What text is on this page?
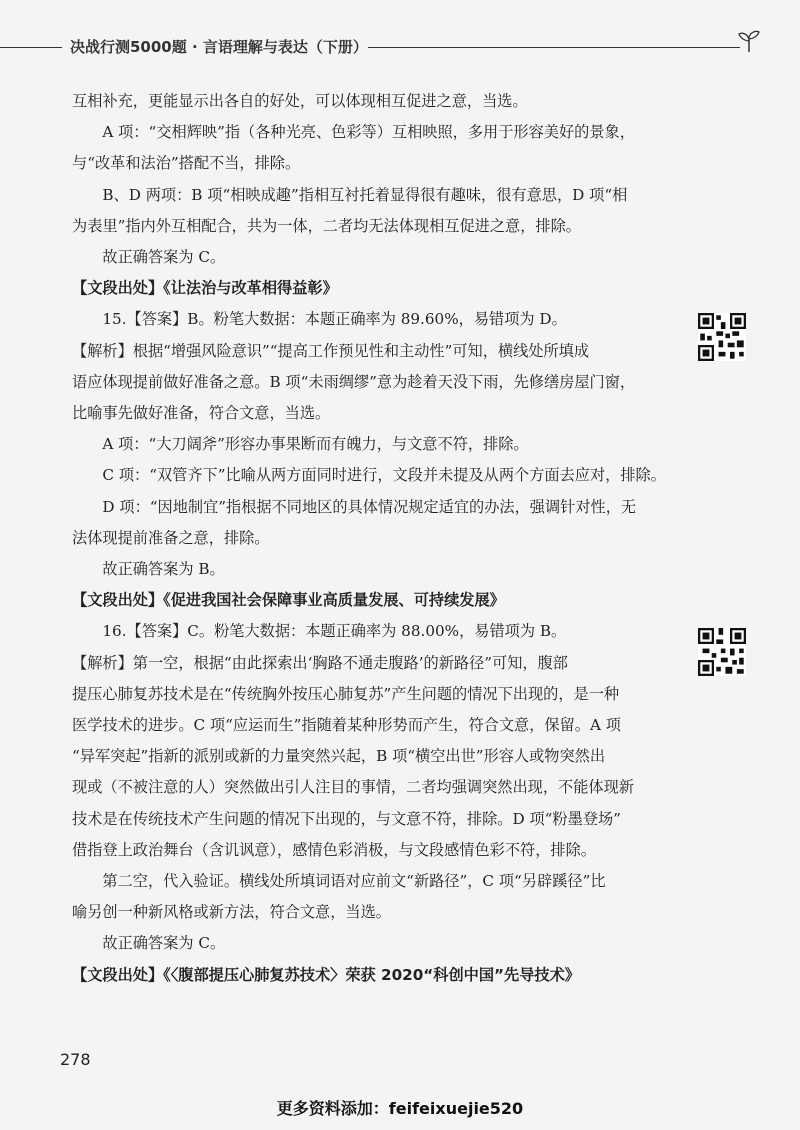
决战行测5000题 · 言语理解与表达（下册）

互相补充，更能显示出各自的好处，可以体现相互促进之意，当选。

A 项：“交相辉映”指（各种光亮、色彩等）互相映照，多用于形容美好的景象，

与“改革和法治”搭配不当，排除。

B、D 两项：B 项“相映成趣”指相互衬托着显得很有趣味，很有意思，D 项“相

为表里”指内外互相配合，共为一体，二者均无法体现相互促进之意，排除。

故正确答案为 C。

【文段出处】《让法治与改革相得益彰》

15.【答案】B。粉笔大数据：本题正确率为 89.60%，易错项为 D。

【解析】根据“增强风险意识”“提高工作预见性和主动性”可知，横线处所填成

语应体现提前做好准备之意。B 项“未雨绸缪”意为趁着天没下雨，先修缮房屋门窗，

比喻事先做好准备，符合文意，当选。

A 项：“大刀阔斧”形容办事果断而有魄力，与文意不符，排除。

C 项：“双管齐下”比喻从两方面同时进行，文段并未提及从两个方面去应对，排除。

D 项：“因地制宜”指根据不同地区的具体情况规定适宜的办法，强调针对性，无

法体现提前准备之意，排除。

故正确答案为 B。

【文段出处】《促进我国社会保障事业高质量发展、可持续发展》

16.【答案】C。粉笔大数据：本题正确率为 88.00%，易错项为 B。

【解析】第一空，根据“由此探索出‘胸路不通走腹路’的新路径”可知，腹部

提压心肺复苏技术是在“传统胸外按压心肺复苏”产生问题的情况下出现的，是一种

医学技术的进步。C 项“应运而生”指随着某种形势而产生，符合文意，保留。A 项

“异军突起”指新的派别或新的力量突然兴起，B 项“横空出世”形容人或物突然出

现或（不被注意的人）突然做出引人注目的事情，二者均强调突然出现，不能体现新

技术是在传统技术产生问题的情况下出现的，与文意不符，排除。D 项“粉墨登场”

借指登上政治舞台（含讥讽意），感情色彩消极，与文段感情色彩不符，排除。

第二空，代入验证。横线处所填词语对应前文“新路径”，C 项“另辟蹊径”比

喻另创一种新风格或新方法，符合文意，当选。

故正确答案为 C。

【文段出处】《〈腹部提压心肺复苏技术〉荣获 2020“科创中国”先导技术》

278
更多资料添加：feifeixuejie520
